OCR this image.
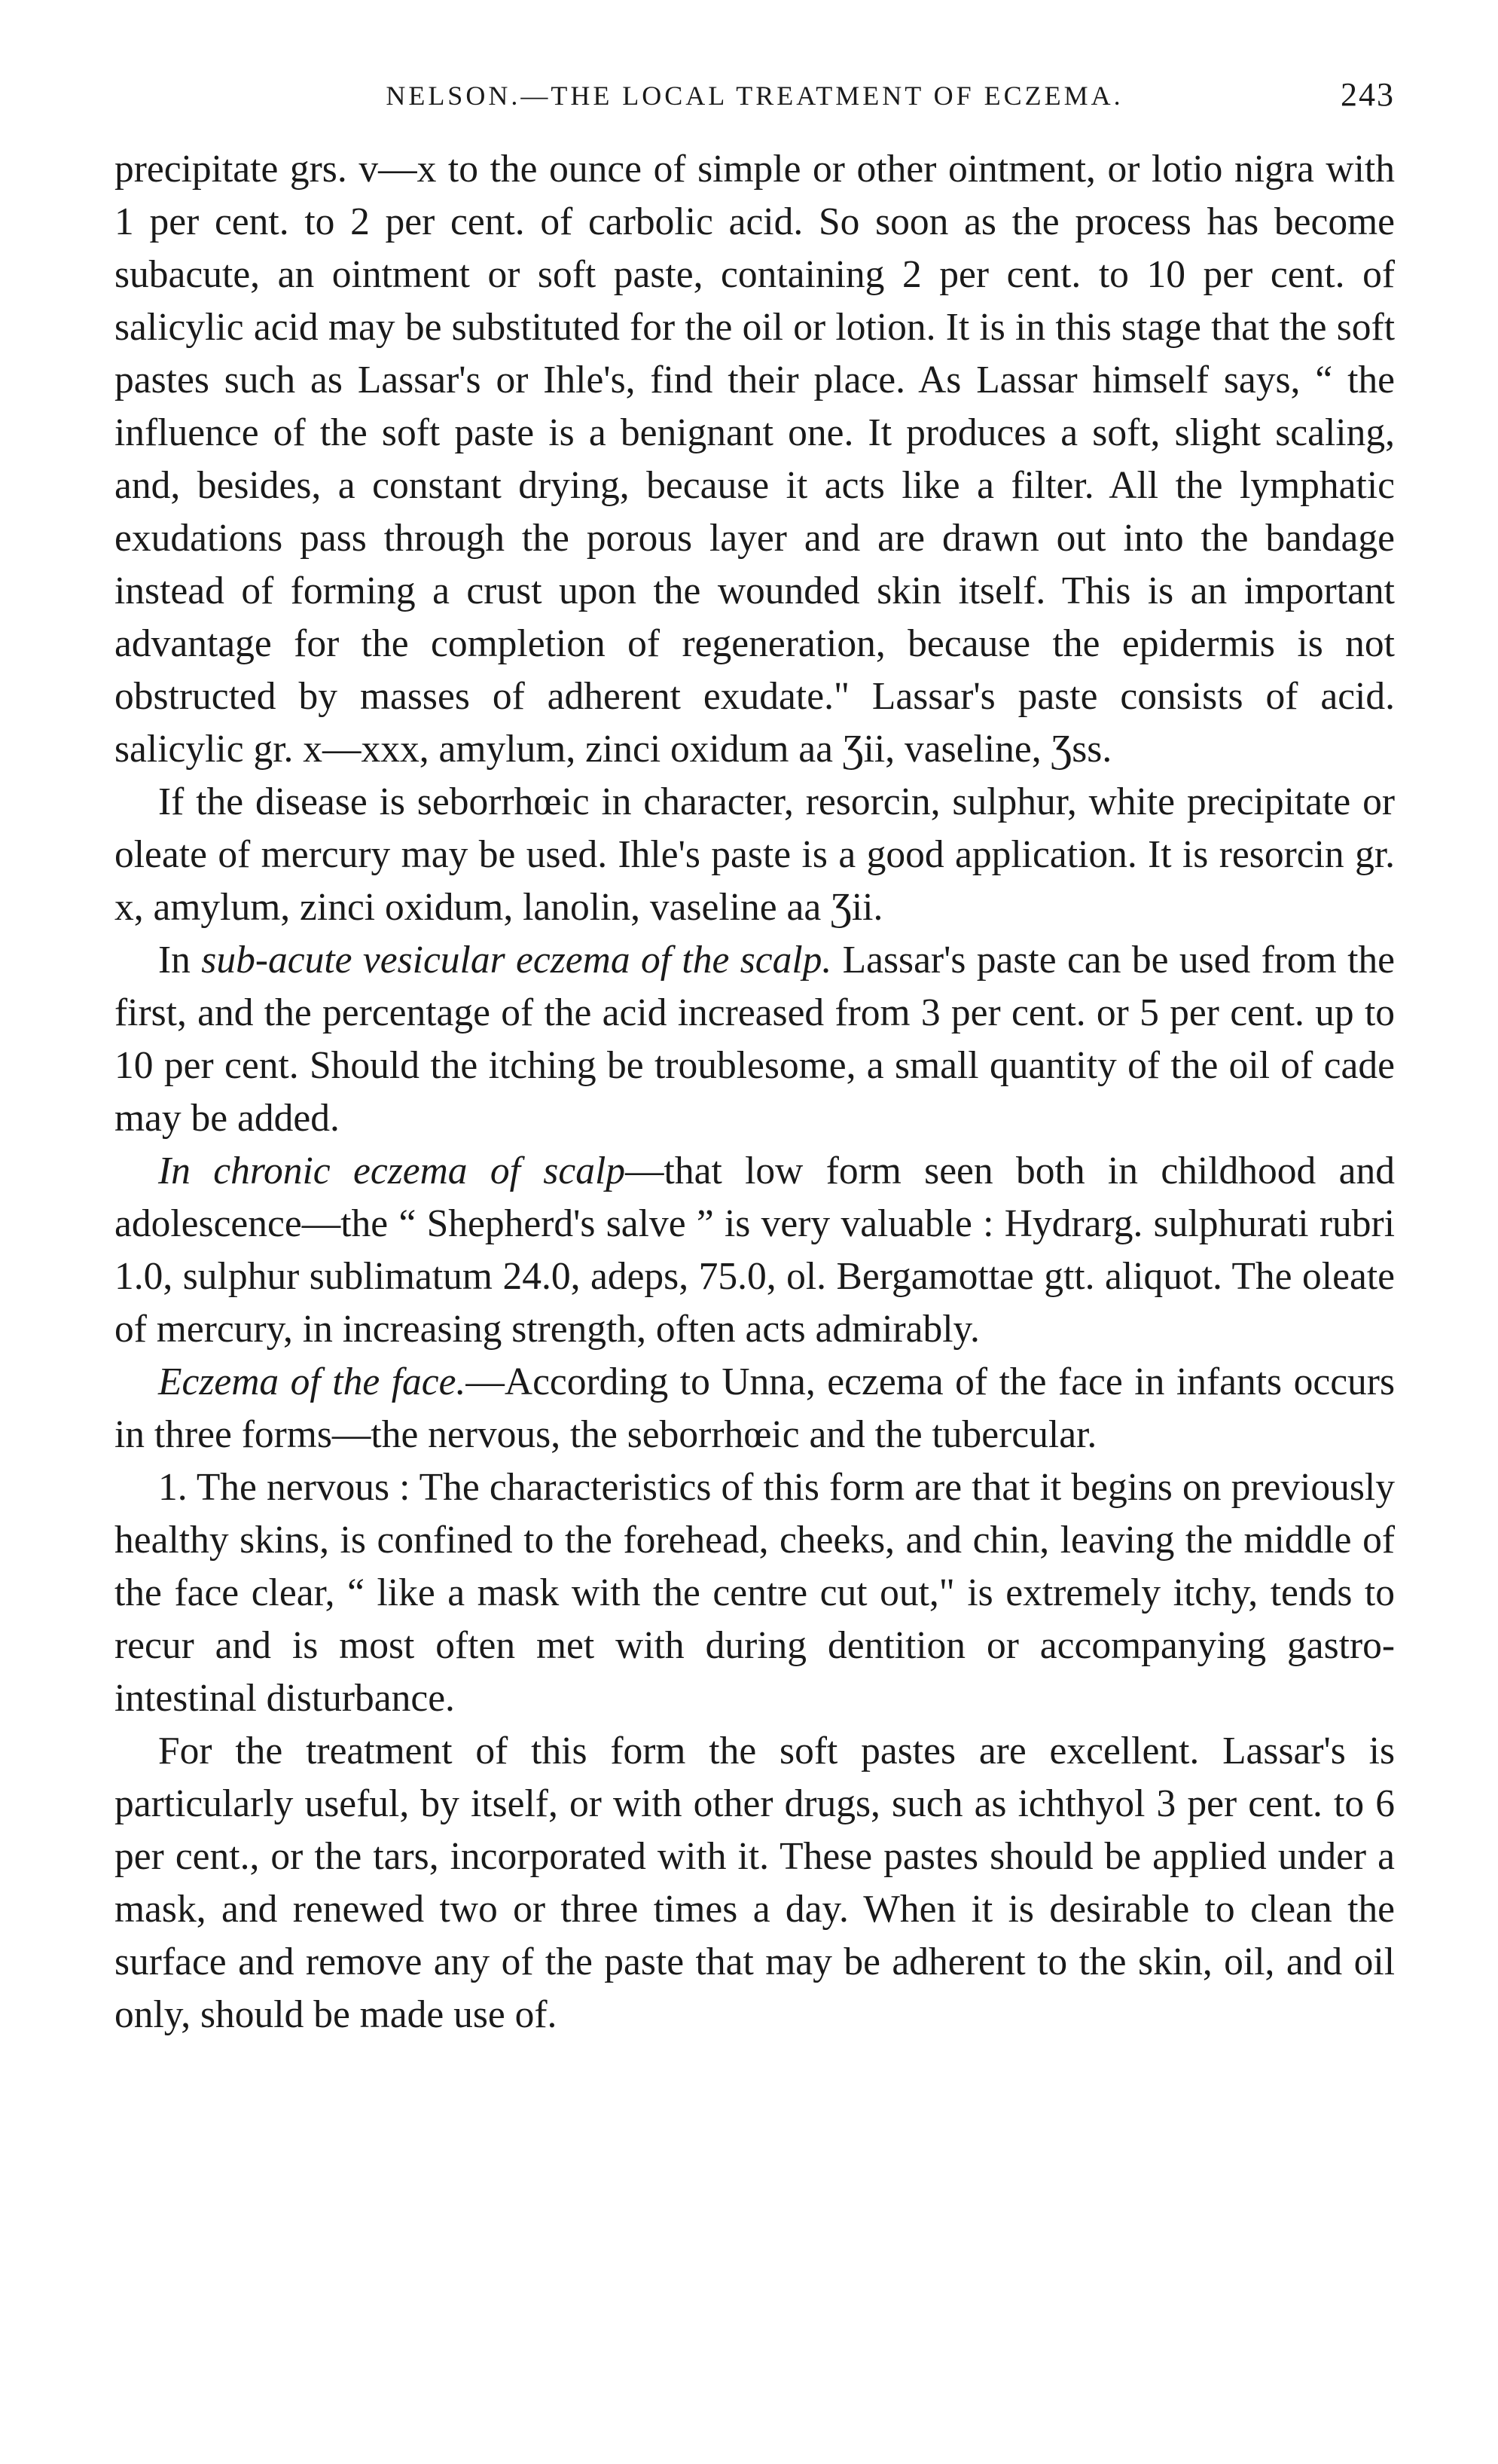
NELSON.—THE LOCAL TREATMENT OF ECZEMA.	243

precipitate grs. v—x to the ounce of simple or other ointment, or lotio nigra with 1 per cent. to 2 per cent. of carbolic acid. So soon as the process has become subacute, an ointment or soft paste, containing 2 per cent. to 10 per cent. of salicylic acid may be substituted for the oil or lotion. It is in this stage that the soft pastes such as Lassar's or Ihle's, find their place. As Lassar himself says, “ the influence of the soft paste is a benignant one. It produces a soft, slight scaling, and, besides, a constant drying, because it acts like a filter. All the lymphatic exudations pass through the porous layer and are drawn out into the bandage instead of forming a crust upon the wounded skin itself. This is an important advantage for the completion of regeneration, because the epidermis is not obstructed by masses of adherent exudate." Lassar's paste consists of acid. salicylic gr. x—xxx, amylum, zinci oxidum aa Ʒii, vaseline, Ʒss.

If the disease is seborrhœic in character, resorcin, sulphur, white precipitate or oleate of mercury may be used. Ihle's paste is a good application. It is resorcin gr. x, amylum, zinci oxidum, lanolin, vaseline aa Ʒii.

In sub-acute vesicular eczema of the scalp. Lassar's paste can be used from the first, and the percentage of the acid increased from 3 per cent. or 5 per cent. up to 10 per cent. Should the itching be troublesome, a small quantity of the oil of cade may be added.

In chronic eczema of scalp—that low form seen both in childhood and adolescence—the “ Shepherd's salve ” is very valuable : Hydrarg. sulphurati rubri 1.0, sulphur sublimatum 24.0, adeps, 75.0, ol. Bergamottae gtt. aliquot. The oleate of mercury, in increasing strength, often acts admirably.

Eczema of the face.—According to Unna, eczema of the face in infants occurs in three forms—the nervous, the seborrhœic and the tubercular.

1. The nervous : The characteristics of this form are that it begins on previously healthy skins, is confined to the forehead, cheeks, and chin, leaving the middle of the face clear, “ like a mask with the centre cut out," is extremely itchy, tends to recur and is most often met with during dentition or accompanying gastro-intestinal disturbance.

For the treatment of this form the soft pastes are excellent. Lassar's is particularly useful, by itself, or with other drugs, such as ichthyol 3 per cent. to 6 per cent., or the tars, incorporated with it. These pastes should be applied under a mask, and renewed two or three times a day. When it is desirable to clean the surface and remove any of the paste that may be adherent to the skin, oil, and oil only, should be made use of.
